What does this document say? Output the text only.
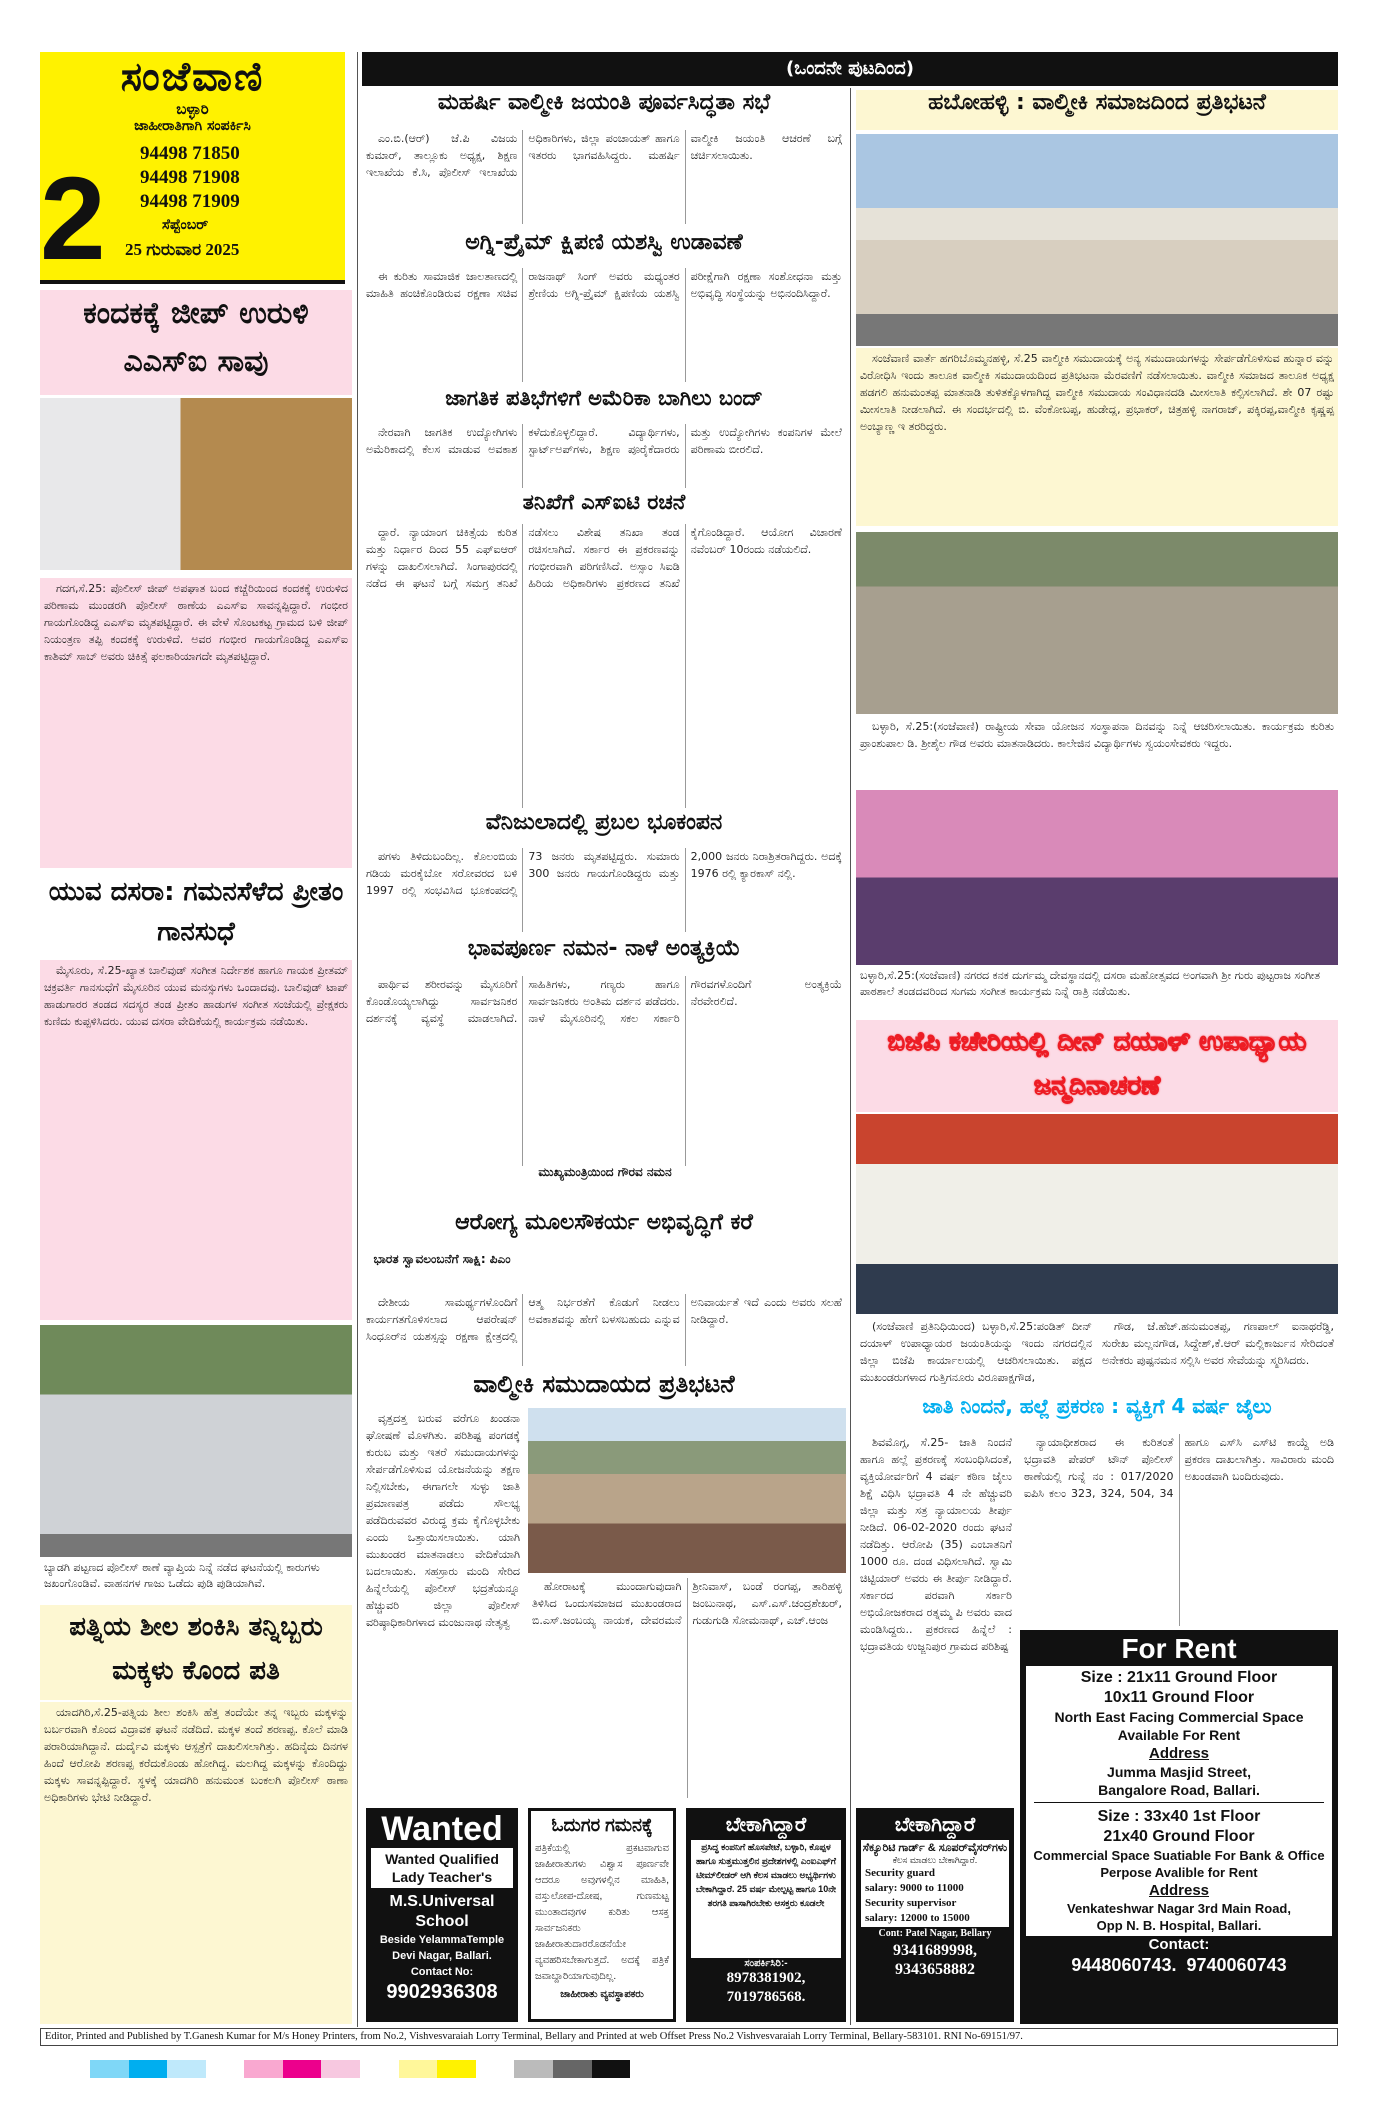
ಸಂಜೆವಾಣಿ
ಬಳ್ಳಾರಿ
ಜಾಹೀರಾತಿಗಾಗಿ ಸಂಪರ್ಕಿಸಿ
2 94498 71850
94498 71908
94498 71909
ಸೆಪ್ಟೆಂಬರ್
25 ಗುರುವಾರ 2025
(ಒಂದನೇ ಪುಟದಿಂದ)
ಕಂದಕಕ್ಕೆ ಜೀಪ್ ಉರುಳಿ ಎಎಸ್‌ಐ ಸಾವು

ಗದಗ,ಸೆ.25: ಪೊಲೀಸ್ ಜೀಪ್ ಅಪಘಾತ ಬಂದ ಕಚ್ಚೆರಿಯಿಂದ ಕಂದಕಕ್ಕೆ ಉರುಳಿದ ಪರಿಣಾಮ ಮುಂಡರಗಿ ಪೊಲೀಸ್ ಠಾಣೆಯ ಎಎಸ್‌ಐ ಸಾವನ್ನಪ್ಪಿದ್ದಾರೆ. ಗಂಭೀರ ಗಾಯಗೊಂಡಿದ್ದ ಎಎಸ್‌ಐ ಮೃತಪಟ್ಟಿದ್ದಾರೆ. ಈ ವೇಳೆ ಸೊಂಟಕಟ್ಟ ಗ್ರಾಮದ ಬಳಿ ಜೀಪ್ ನಿಯಂತ್ರಣ ತಪ್ಪಿ ಕಂದಕಕ್ಕೆ ಉರುಳಿದೆ. ಅವರ ಗಂಭೀರ ಗಾಯಗೊಂಡಿದ್ದ ಎಎಸ್‌ಐ ಕಾಶಿಮ್ ಸಾಬ್ ಅವರು ಚಿಕಿತ್ಸೆ ಫಲಕಾರಿಯಾಗದೇ ಮೃತಪಟ್ಟಿದ್ದಾರೆ.

ಯುವ ದಸರಾ: ಗಮನಸೆಳೆದ ಪ್ರೀತಂ ಗಾನಸುಧೆ

ಮೈಸೂರು, ಸೆ.25-ಖ್ಯಾತ ಬಾಲಿವುಡ್ ಸಂಗೀತ ನಿರ್ದೇಶಕ ಹಾಗೂ ಗಾಯಕ ಪ್ರೀತಮ್ ಚಕ್ರವರ್ತಿ ಗಾನಸುಧೆಗೆ ಮೈಸೂರಿನ ಯುವ ಮನಸ್ಸುಗಳು ಒಂದಾದವು. ಬಾಲಿವುಡ್ ಟಾಪ್ ಹಾಡುಗಾರರ ತಂಡದ ಸದಸ್ಯರ ತಂಡ ಪ್ರೀತಂ ಹಾಡುಗಳ ಸಂಗೀತ ಸಂಜೆಯಲ್ಲಿ ಪ್ರೇಕ್ಷಕರು ಕುಣಿದು ಕುಪ್ಪಳಿಸಿದರು. ಯುವ ದಸರಾ ವೇದಿಕೆಯಲ್ಲಿ ಕಾರ್ಯಕ್ರಮ ನಡೆಯಿತು.

ಬ್ಯಾಡಗಿ ಪಟ್ಟಣದ ಪೊಲೀಸ್ ಠಾಣೆ ವ್ಯಾಪ್ತಿಯ ನಿನ್ನೆ ನಡೆದ ಘಟನೆಯಲ್ಲಿ ಕಾರುಗಳು ಜಖಂಗೊಂಡಿವೆ. ವಾಹನಗಳ ಗಾಜು ಒಡೆದು ಪುಡಿ ಪುಡಿಯಾಗಿವೆ.
ಪತ್ನಿಯ ಶೀಲ ಶಂಕಿಸಿ ತನ್ನಿಬ್ಬರು ಮಕ್ಕಳು ಕೊಂದ ಪತಿ

ಯಾದಗಿರಿ,ಸೆ.25-ಪತ್ನಿಯ ಶೀಲ ಶಂಕಿಸಿ ಹೆತ್ತ ತಂದೆಯೇ ತನ್ನ ಇಬ್ಬರು ಮಕ್ಕಳನ್ನು ಬರ್ಬರವಾಗಿ ಕೊಂದ ವಿದ್ರಾವಕ ಘಟನೆ ನಡೆದಿದೆ. ಮಕ್ಕಳ ತಂದೆ ಶರಣಪ್ಪ. ಕೊಲೆ ಮಾಡಿ ಪರಾರಿಯಾಗಿದ್ದಾನೆ. ದುರ್ದೈವಿ ಮಕ್ಕಳು ಆಸ್ಪತ್ರೆಗೆ ದಾಖಲಿಸಲಾಗಿತ್ತು. ಹದಿನೈದು ದಿನಗಳ ಹಿಂದೆ ಆರೋಪಿ ಶರಣಪ್ಪ ಕರೆದುಕೊಂಡು ಹೋಗಿದ್ದ. ಮಲಗಿದ್ದ ಮಕ್ಕಳನ್ನು ಕೊಂದಿದ್ದು ಮಕ್ಕಳು ಸಾವನ್ನಪ್ಪಿದ್ದಾರೆ. ಸ್ಥಳಕ್ಕೆ ಯಾದಗಿರಿ ಹನುಮಂತ ಬಂಕಲಗಿ ಪೊಲೀಸ್ ಠಾಣಾ ಅಧಿಕಾರಿಗಳು ಭೇಟಿ ನೀಡಿದ್ದಾರೆ.

ಮಹರ್ಷಿ ವಾಲ್ಮೀಕಿ ಜಯಂತಿ ಪೂರ್ವಸಿದ್ಧತಾ ಸಭೆ

ಎಂ.ಬಿ.(ಆರ್) ಜೆ.ಪಿ ವಿಜಯ ಕುಮಾರ್, ತಾಲ್ಲೂಕು ಅಧ್ಯಕ್ಷ, ಶಿಕ್ಷಣ ಇಲಾಖೆಯ ಕೆ.ಸಿ, ಪೊಲೀಸ್ ಇಲಾಖೆಯ ಅಧಿಕಾರಿಗಳು, ಜಿಲ್ಲಾ ಪಂಚಾಯತ್ ಹಾಗೂ ಇತರರು ಭಾಗವಹಿಸಿದ್ದರು. ಮಹರ್ಷಿ ವಾಲ್ಮೀಕಿ ಜಯಂತಿ ಆಚರಣೆ ಬಗ್ಗೆ ಚರ್ಚಿಸಲಾಯಿತು.

ಅಗ್ನಿ-ಪ್ರೈಮ್ ಕ್ಷಿಪಣಿ ಯಶಸ್ವಿ ಉಡಾವಣೆ

ಈ ಕುರಿತು ಸಾಮಾಜಿಕ ಜಾಲತಾಣದಲ್ಲಿ ಮಾಹಿತಿ ಹಂಚಿಕೊಂಡಿರುವ ರಕ್ಷಣಾ ಸಚಿವ ರಾಜನಾಥ್ ಸಿಂಗ್ ಅವರು ಮಧ್ಯಂತರ ಶ್ರೇಣಿಯ ಅಗ್ನಿ-ಪ್ರೈಮ್ ಕ್ಷಿಪಣಿಯ ಯಶಸ್ವಿ ಪರೀಕ್ಷೆಗಾಗಿ ರಕ್ಷಣಾ ಸಂಶೋಧನಾ ಮತ್ತು ಅಭಿವೃದ್ಧಿ ಸಂಸ್ಥೆಯನ್ನು ಅಭಿನಂದಿಸಿದ್ದಾರೆ.

ಜಾಗತಿಕ ಪತಿಭೆಗಳಿಗೆ ಅಮೆರಿಕಾ ಬಾಗಿಲು ಬಂದ್

ನೇರವಾಗಿ ಜಾಗತಿಕ ಉದ್ಯೋಗಿಗಳು ಅಮೆರಿಕಾದಲ್ಲಿ ಕೆಲಸ ಮಾಡುವ ಅವಕಾಶ ಕಳೆದುಕೊಳ್ಳಲಿದ್ದಾರೆ. ವಿದ್ಯಾರ್ಥಿಗಳು, ಸ್ಟಾರ್ಟ್‌ಅಪ್‌ಗಳು, ಶಿಕ್ಷಣ ಪೂರೈಕೆದಾರರು ಮತ್ತು ಉದ್ಯೋಗಿಗಳು ಕಂಪನಿಗಳ ಮೇಲೆ ಪರಿಣಾಮ ಬೀರಲಿದೆ.

ತನಿಖೆಗೆ ಎಸ್‌ಐಟಿ ರಚನೆ

ದ್ದಾರೆ. ನ್ಯಾಯಾಂಗ ಚಿಕಿತ್ಸೆಯ ಕುರಿತ ಮತ್ತು ನಿರ್ಧಾರ ದಿಂದ 55 ಎಫ್‌ಐಆರ್ ಗಳನ್ನು ದಾಖಲಿಸಲಾಗಿದೆ. ಸಿಂಗಾಪುರದಲ್ಲಿ ನಡೆದ ಈ ಘಟನೆ ಬಗ್ಗೆ ಸಮಗ್ರ ತನಿಖೆ ನಡೆಸಲು ವಿಶೇಷ ತನಿಖಾ ತಂಡ ರಚಿಸಲಾಗಿದೆ. ಸರ್ಕಾರ ಈ ಪ್ರಕರಣವನ್ನು ಗಂಭೀರವಾಗಿ ಪರಿಗಣಿಸಿದೆ. ಅಸ್ಸಾಂ ಸಿಐಡಿ ಹಿರಿಯ ಅಧಿಕಾರಿಗಳು ಪ್ರಕರಣದ ತನಿಖೆ ಕೈಗೊಂಡಿದ್ದಾರೆ. ಆಯೋಗ ವಿಚಾರಣೆ ನವೆಂಬರ್ 10ರಂದು ನಡೆಯಲಿದೆ.

ವೆನಿಜುಲಾದಲ್ಲಿ ಪ್ರಬಲ ಭೂಕಂಪನ

ಪಗಳು ತಿಳಿದುಬಂದಿಲ್ಲ. ಕೊಲಂಬಿಯ ಗಡಿಯ ಮರಕೈಬೋ ಸರೋವರದ ಬಳಿ 1997 ರಲ್ಲಿ ಸಂಭವಿಸಿದ ಭೂಕಂಪದಲ್ಲಿ 73 ಜನರು ಮೃತಪಟ್ಟಿದ್ದರು. ಸುಮಾರು 300 ಜನರು ಗಾಯಗೊಂಡಿದ್ದರು ಮತ್ತು 2,000 ಜನರು ನಿರಾಶ್ರಿತರಾಗಿದ್ದರು. ಅದಕ್ಕೆ 1976 ರಲ್ಲಿ ಕ್ಯಾರಕಾಸ್ ನಲ್ಲಿ.

ಭಾವಪೂರ್ಣ ನಮನ- ನಾಳೆ ಅಂತ್ಯಕ್ರಿಯೆ

ಪಾರ್ಥಿವ ಶರೀರವನ್ನು ಮೈಸೂರಿಗೆ ಕೊಂಡೊಯ್ಯಲಾಗಿದ್ದು ಸಾರ್ವಜನಿಕರ ದರ್ಶನಕ್ಕೆ ವ್ಯವಸ್ಥೆ ಮಾಡಲಾಗಿದೆ. ಸಾಹಿತಿಗಳು, ಗಣ್ಯರು ಹಾಗೂ ಸಾರ್ವಜನಿಕರು ಅಂತಿಮ ದರ್ಶನ ಪಡೆದರು. ನಾಳೆ ಮೈಸೂರಿನಲ್ಲಿ ಸಕಲ ಸರ್ಕಾರಿ ಗೌರವಗಳೊಂದಿಗೆ ಅಂತ್ಯಕ್ರಿಯೆ ನೆರವೇರಲಿದೆ.

ಮುಖ್ಯಮಂತ್ರಿಯಿಂದ ಗೌರವ ನಮನ
ಆರೋಗ್ಯ ಮೂಲಸೌಕರ್ಯ ಅಭಿವೃದ್ಧಿಗೆ ಕರೆ
ಭಾರತ ಸ್ವಾವಲಂಬನೆಗೆ ಸಾಕ್ಷಿ: ಪಿಎಂ

ದೇಶೀಯ ಸಾಮರ್ಥ್ಯಗಳೊಂದಿಗೆ ಕಾರ್ಯಗತಗೊಳಿಸಲಾದ ಆಪರೇಷನ್ ಸಿಂಧೂರ್‌ನ ಯಶಸ್ಸನ್ನು ರಕ್ಷಣಾ ಕ್ಷೇತ್ರದಲ್ಲಿ ಆತ್ಮ ನಿರ್ಭರತೆಗೆ ಕೊಡುಗೆ ನೀಡಲು ಅವಕಾಶವನ್ನು ಹೇಗೆ ಬಳಸಬಹುದು ಎನ್ನುವ ಅನಿವಾರ್ಯತೆ ಇದೆ ಎಂದು ಅವರು ಸಲಹೆ ನೀಡಿದ್ದಾರೆ.

ವಾಲ್ಮೀಕಿ ಸಮುದಾಯದ ಪ್ರತಿಭಟನೆ

ವೃತ್ತದತ್ತ ಬರುವ ವರೆಗೂ ಖಂಡನಾ ಘೋಷಣೆ ಮೊಳಗಿತು. ಪರಿಶಿಷ್ಟ ಪಂಗಡಕ್ಕೆ ಕುರುಬ ಮತ್ತು ಇತರೆ ಸಮುದಾಯಗಳನ್ನು ಸೇರ್ಪಡೆಗೊಳಿಸುವ ಯೋಜನೆಯನ್ನು ತಕ್ಷಣ ನಿಲ್ಲಿಸಬೇಕು, ಈಗಾಗಲೇ ಸುಳ್ಳು ಜಾತಿ ಪ್ರಮಾಣಪತ್ರ ಪಡೆದು ಸೌಲಭ್ಯ ಪಡೆದಿರುವವರ ವಿರುದ್ಧ ಕ್ರಮ ಕೈಗೊಳ್ಳಬೇಕು ಎಂದು ಒತ್ತಾಯಿಸಲಾಯಿತು. ಯಾಗಿ ಮುಖಂಡರ ಮಾತನಾಡಲು ವೇದಿಕೆಯಾಗಿ ಬದಲಾಯಿತು. ಸಹಸ್ರಾರು ಮಂದಿ ಸೇರಿದ ಹಿನ್ನೆಲೆಯಲ್ಲಿ ಪೊಲೀಸ್ ಭದ್ರತೆಯನ್ನೂ ಹೆಚ್ಚುವರಿ ಜಿಲ್ಲಾ ಪೊಲೀಸ್ ವರಿಷ್ಠಾಧಿಕಾರಿಗಳಾದ ಮಂಜುನಾಥ ನೇತೃತ್ವ

ಹೋರಾಟಕ್ಕೆ ಮುಂದಾಗುವುದಾಗಿ ತಿಳಿಸಿದ ಒಂದುಸಮಾಜದ ಮುಖಂಡರಾದ ಬಿ.ಎಸ್.ಜಂಬಯ್ಯ ನಾಯಕ, ದೇವರಮನೆ ಶ್ರೀನಿವಾಸ್, ಬಂಡೆ ರಂಗಪ್ಪ, ತಾರಿಹಳ್ಳಿ ಜಂಬುನಾಥ, ಎಸ್.ಎಸ್.ಚಂದ್ರಶೇಖರ್, ಗುಡುಗುಡಿ ಸೋಮನಾಥ್, ಎಚ್.ಆಂಜ

Wanted
Wanted Qualified Lady Teacher's
M.S.Universal School
Beside YelammaTemple
Devi Nagar, Ballari.
Contact No:
9902936308
ಓದುಗರ ಗಮನಕ್ಕೆ
ಪತ್ರಿಕೆಯಲ್ಲಿ ಪ್ರಕಟವಾಗುವ ಜಾಹೀರಾತುಗಳು ವಿಶ್ವಾಸ ಪೂರ್ಣವೇ ಆದರೂ ಅವುಗಳಲ್ಲಿನ ಮಾಹಿತಿ, ವಸ್ತುಲೋಪ-ದೋಷ, ಗುಣಮಟ್ಟ ಮುಂತಾದವುಗಳ ಕುರಿತು ಆಸಕ್ತ ಸಾರ್ವಜನಿಕರು ಜಾಹೀರಾತುದಾರರೊಡನೆಯೇ ವ್ಯವಹರಿಸಬೇಕಾಗುತ್ತದೆ. ಅದಕ್ಕೆ ಪತ್ರಿಕೆ ಜವಾಬ್ದಾರಿಯಾಗುವುದಿಲ್ಲ.
ಜಾಹೀರಾತು ವ್ಯವಸ್ಥಾಪಕರು
ಬೇಕಾಗಿದ್ದಾರೆ
ಪ್ರಸಿದ್ಧ ಕಂಪನಿಗೆ ಹೊಸಪೇಟೆ, ಬಳ್ಳಾರಿ, ಕೊಪ್ಪಳ ಹಾಗೂ ಸುತ್ತಮುತ್ತಲಿನ ಪ್ರದೇಶಗಳಲ್ಲಿ ಎಂಐಎಫ್‌ಗೆ ಟೀಮ್‌ಲೀಡರ್ ಆಗಿ ಕೆಲಸ ಮಾಡಲು ಅಭ್ಯರ್ಥಿಗಳು ಬೇಕಾಗಿದ್ದಾರೆ. 25 ವರ್ಷ ಮೇಲ್ಪಟ್ಟ ಹಾಗೂ 10ನೇ ತರಗತಿ ಪಾಸಾಗಿರಬೇಕು ಆಸಕ್ತರು ಕೂಡಲೇ
ಸಂಪರ್ಕಿಸಿರಿ:-
8978381902, 7019786568.
ಹಬೋಹಳ್ಳಿ : ವಾಲ್ಮೀಕಿ ಸಮಾಜದಿಂದ ಪ್ರತಿಭಟನೆ

ಸಂಜೆವಾಣಿ ವಾರ್ತೆ ಹಗರಿಬೊಮ್ಮನಹಳ್ಳಿ, ಸೆ.25 ವಾಲ್ಮೀಕಿ ಸಮುದಾಯಕ್ಕೆ ಅನ್ಯ ಸಮುದಾಯಗಳನ್ನು ಸೇರ್ಪಡೆಗೊಳಿಸುವ ಹುನ್ನಾರ ವನ್ನು ವಿರೋಧಿಸಿ ಇಂದು ತಾಲೂಕ ವಾಲ್ಮೀಕಿ ಸಮುದಾಯದಿಂದ ಪ್ರತಿಭಟನಾ ಮೆರವಣಿಗೆ ನಡೆಸಲಾಯಿತು. ವಾಲ್ಮೀಕಿ ಸಮಾಜದ ತಾಲೂಕ ಅಧ್ಯಕ್ಷ ಹಡಗಲಿ ಹನುಮಂತಪ್ಪ ಮಾತನಾಡಿ ತುಳಿತಕ್ಕೊಳಗಾಗಿದ್ದ ವಾಲ್ಮೀಕಿ ಸಮುದಾಯ ಸಂವಿಧಾನದಡಿ ಮೀಸಲಾತಿ ಕಲ್ಪಿಸಲಾಗಿದೆ. ಶೇ 07 ರಷ್ಟು ಮೀಸಲಾತಿ ನೀಡಲಾಗಿದೆ. ಈ ಸಂದರ್ಭದಲ್ಲಿ ಬಿ. ವೆಂಕೋಬಪ್ಪ, ಹುಡೇದ್ಲ, ಪ್ರಭಾಕರ್, ಚಿತ್ರಹಳ್ಳಿ ನಾಗರಾಜ್, ಪಕ್ಕಿರಪ್ಪ,ವಾಲ್ಮೀಕಿ ಕೃಷ್ಣಪ್ಪ ಅಂಬ್ಯಾಣ್ಣ ಇ ತರರಿದ್ದರು.

ಬಳ್ಳಾರಿ, ಸೆ.25:(ಸಂಜೆವಾಣಿ) ರಾಷ್ಟ್ರೀಯ ಸೇವಾ ಯೋಜನ ಸಂಸ್ಥಾಪನಾ ದಿನವನ್ನು ನಿನ್ನೆ ಆಚರಿಸಲಾಯಿತು. ಕಾರ್ಯಕ್ರಮ ಕುರಿತು ಪ್ರಾಂಶುಪಾಲ ಡಿ. ಶ್ರೀಶೈಲ ಗೌಡ ಅವರು ಮಾತನಾಡಿದರು. ಕಾಲೇಜಿನ ವಿದ್ಯಾರ್ಥಿಗಳು ಸ್ವಯಂಸೇವಕರು ಇದ್ದರು.

ಬಳ್ಳಾರಿ,ಸೆ.25:(ಸಂಜೆವಾಣಿ) ನಗರದ ಕನಕ ದುರ್ಗಮ್ಮ ದೇವಸ್ಥಾನದಲ್ಲಿ ದಸರಾ ಮಹೋತ್ಸವದ ಅಂಗವಾಗಿ ಶ್ರೀ ಗುರು ಪುಟ್ಟರಾಜ ಸಂಗೀತ ಪಾಠಶಾಲೆ ತಂಡದವರಿಂದ ಸುಗಮ ಸಂಗೀತ ಕಾರ್ಯಕ್ರಮ ನಿನ್ನೆ ರಾತ್ರಿ ನಡೆಯಿತು.
ಬಿಜೆಪಿ ಕಚೇರಿಯಲ್ಲಿ ದೀನ್ ದಯಾಳ್ ಉಪಾಧ್ಯಾಯ ಜನ್ಮದಿನಾಚರಣೆ

(ಸಂಜೆವಾಣಿ ಪ್ರತಿನಿಧಿಯಿಂದ) ಬಳ್ಳಾರಿ,ಸೆ.25:ಪಂಡಿತ್ ದೀನ್ ದಯಾಳ್ ಉಪಾಧ್ಯಾಯರ ಜಯಂತಿಯನ್ನು ಇಂದು ನಗರದಲ್ಲಿನ ಜಿಲ್ಲಾ ಬಿಜೆಪಿ ಕಾರ್ಯಾಲಯಲ್ಲಿ ಆಚರಿಸಲಾಯಿತು. ಪಕ್ಷದ ಮುಖಂಡರುಗಳಾದ ಗುತ್ತಿಗನೂರು ವಿರೂಪಾಕ್ಷಗೌಡ,

ಗೌಡ, ಜೆ.ಹೆಚ್.ಹನುಮಂತಪ್ಪ, ಗಣಪಾಲ್ ಐನಾಥರೆಡ್ಡಿ, ಸುರೇಖ ಮಲ್ಲನಗೌಡ, ಸಿದ್ದೇಶ್,ಕೆ.ಆರ್ ಮಲ್ಲಿಕಾರ್ಜುನ ಸೇರಿದಂತೆ ಅನೇಕರು ಪುಷ್ಪನಮನ ಸಲ್ಲಿಸಿ ಅವರ ಸೇವೆಯನ್ನು ಸ್ಮರಿಸಿದರು.

ಜಾತಿ ನಿಂದನೆ, ಹಲ್ಲೆ ಪ್ರಕರಣ : ವ್ಯಕ್ತಿಗೆ 4 ವರ್ಷ ಜೈಲು

ಶಿವಮೊಗ್ಗ, ಸೆ.25- ಜಾತಿ ನಿಂದನೆ ಹಾಗೂ ಹಲ್ಲೆ ಪ್ರಕರಣಕ್ಕೆ ಸಂಬಂಧಿಸಿದಂತೆ, ವ್ಯಕ್ತಿಯೋರ್ವರಿಗೆ 4 ವರ್ಷ ಕಠಿಣ ಜೈಲು ಶಿಕ್ಷೆ ವಿಧಿಸಿ ಭದ್ರಾವತಿ 4 ನೇ ಹೆಚ್ಚುವರಿ ಜಿಲ್ಲಾ ಮತ್ತು ಸತ್ರ ನ್ಯಾಯಾಲಯ ತೀರ್ಪು ನೀಡಿದೆ. 06-02-2020 ರಂದು ಘಟನೆ ನಡೆದಿತ್ತು. ಆರೋಪಿ (35) ಎಂಬಾತನಿಗೆ 1000 ರೂ. ದಂಡ ವಿಧಿಸಲಾಗಿದೆ. ಸ್ವಾಮಿ ಚಿಟ್ಟಿಯಾರ್ ಅವರು ಈ ತೀರ್ಪು ನೀಡಿದ್ದಾರೆ. ಸರ್ಕಾರದ ಪರವಾಗಿ ಸರ್ಕಾರಿ ಅಭಿಯೋಜಕರಾದ ರತ್ನಮ್ಮ ಪಿ ಅವರು ವಾದ ಮಂಡಿಸಿದ್ದರು.. ಪ್ರಕರಣದ ಹಿನ್ನೆಲೆ : ಭದ್ರಾವತಿಯ ಉಜ್ಜನಿಪುರ ಗ್ರಾಮದ ಪರಿಶಿಷ್ಟ

ನ್ಯಾಯಾಧೀಶರಾದ ಈ ಕುರಿತಂತೆ ಭದ್ರಾವತಿ ಪೇಪರ್ ಟೌನ್ ಪೊಲೀಸ್ ಠಾಣೆಯಲ್ಲಿ ಗುನ್ನೆ ನಂ : 017/2020 ಐಪಿಸಿ ಕಲಂ 323, 324, 504, 34 ಹಾಗೂ ಎಸ್‌ಸಿ ಎಸ್‌ಟಿ ಕಾಯ್ದೆ ಅಡಿ ಪ್ರಕರಣ ದಾಖಲಾಗಿತ್ತು. ಸಾವಿರಾರು ಮಂದಿ ಅಖಂಡವಾಗಿ ಬಂದಿರುವುದು.

ಬೇಕಾಗಿದ್ದಾರೆ
ಸೆಕ್ಯೂರಿಟಿ ಗಾರ್ಡ್ & ಸೂಪರ್‌ವೈಸರ್‌ಗಳು
ಕೆಲಸ ಮಾಡಲು ಬೇಕಾಗಿದ್ದಾರೆ.
Security guard
salary: 9000 to 11000
Security supervisor
salary: 12000 to 15000
Cont: Patel Nagar, Bellary
9341689998, 9343658882
For Rent
Size : 21x11 Ground Floor
10x11 Ground Floor
North East Facing Commercial Space Available For Rent
Address
Jumma Masjid Street,
Bangalore Road, Ballari.
Size : 33x40 1st Floor
21x40 Ground Floor
Commercial Space Suatiable For Bank & Office Perpose Avalible for Rent
Address
Venkateshwar Nagar 3rd Main Road,
Opp N. B. Hospital, Ballari.
Contact:
9448060743.  9740060743
Editor, Printed and Published by T.Ganesh Kumar for M/s Honey Printers, from No.2, Vishvesvaraiah Lorry Terminal, Bellary and Printed at web Offset Press No.2 Vishvesvaraiah Lorry Terminal, Bellary-583101. RNI No-69151/97.
